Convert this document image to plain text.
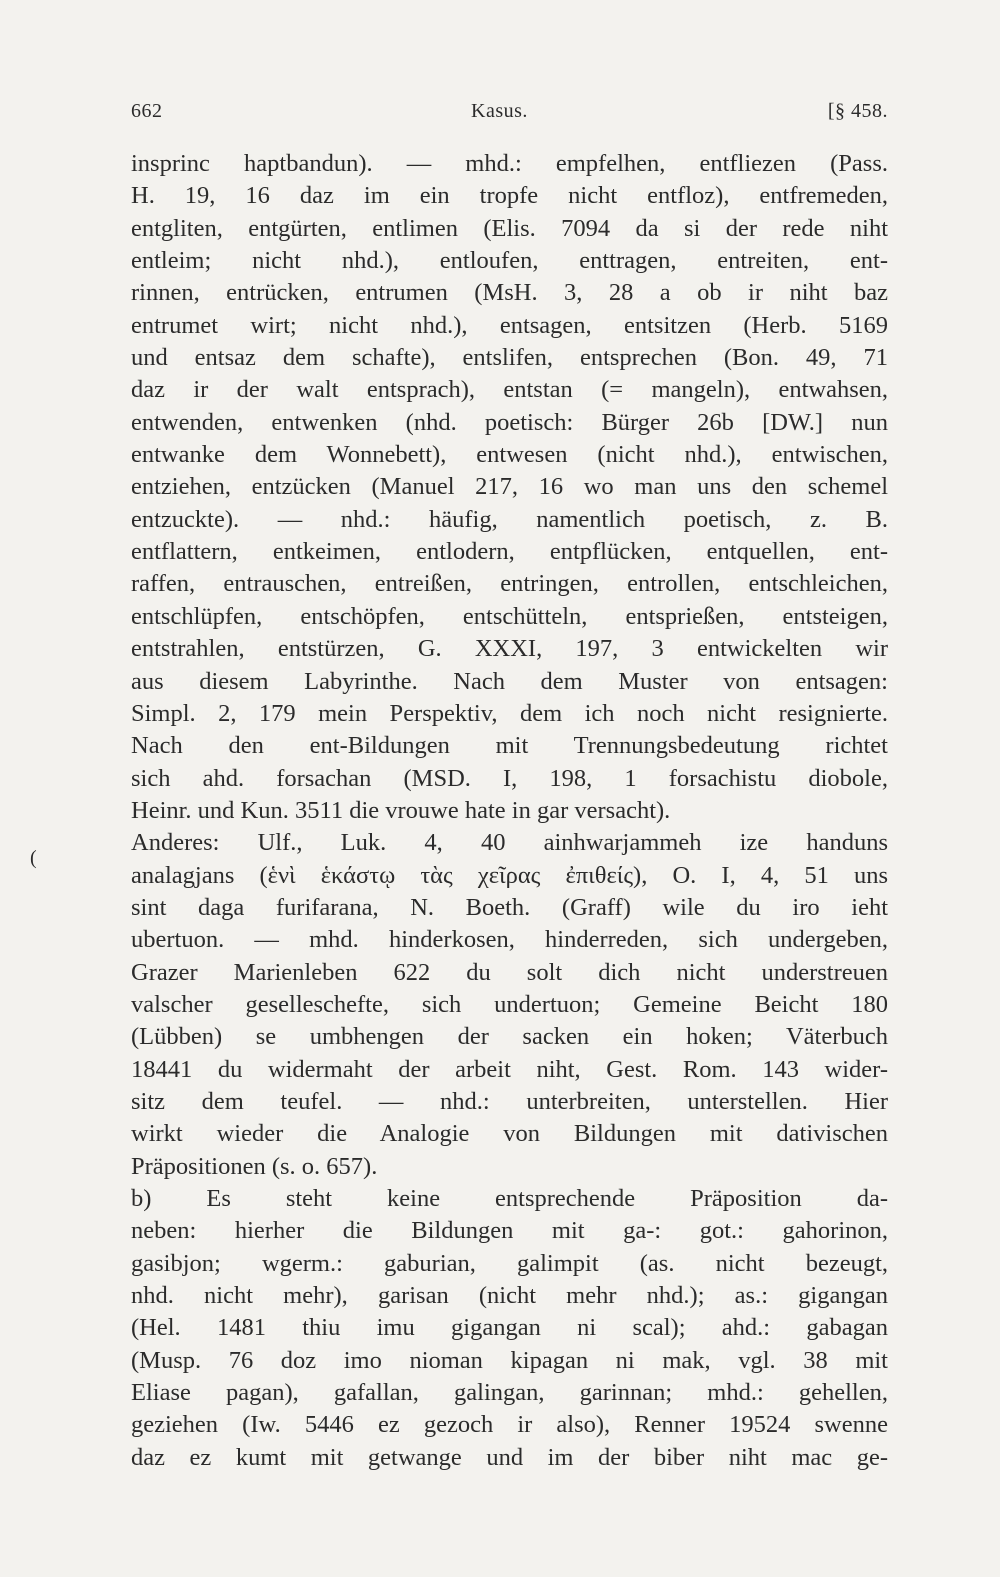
662	Kasus.	[§ 458.
(
insprinc haptbandun). — mhd.: empfelhen, entfliezen (Pass.
H. 19, 16 daz im ein tropfe nicht entfloz), entfremeden,
entgliten, entgürten, entlimen (Elis. 7094 da si der rede niht
entleim; nicht nhd.), entloufen, enttragen, entreiten, ent-
rinnen, entrücken, entrumen (MsH. 3, 28 a ob ir niht baz
entrumet wirt; nicht nhd.), entsagen, entsitzen (Herb. 5169
und entsaz dem schafte), entslifen, entsprechen (Bon. 49, 71
daz ir der walt entsprach), entstan (= mangeln), entwahsen,
entwenden, entwenken (nhd. poetisch: Bürger 26b [DW.] nun
entwanke dem Wonnebett), entwesen (nicht nhd.), entwischen,
entziehen, entzücken (Manuel 217, 16 wo man uns den schemel
entzuckte). — nhd.: häufig, namentlich poetisch, z. B.
entflattern, entkeimen, entlodern, entpflücken, entquellen, ent-
raffen, entrauschen, entreißen, entringen, entrollen, entschleichen,
entschlüpfen, entschöpfen, entschütteln, entsprießen, entsteigen,
entstrahlen, entstürzen, G. XXXI, 197, 3 entwickelten wir
aus diesem Labyrinthe. Nach dem Muster von entsagen:
Simpl. 2, 179 mein Perspektiv, dem ich noch nicht resignierte.
Nach den ent-Bildungen mit Trennungsbedeutung richtet
sich ahd. forsachan (MSD. I, 198, 1 forsachistu diobole,
Heinr. und Kun. 3511 die vrouwe hate in gar versacht).
Anderes: Ulf., Luk. 4, 40 ainhwarjammeh ize handuns
analagjans (ἑνὶ ἑκάστῳ τὰς χεῖρας ἐπιθείς), O. I, 4, 51 uns
sint daga furifarana, N. Boeth. (Graff) wile du iro ieht
ubertuon. — mhd. hinderkosen, hinderreden, sich undergeben,
Grazer Marienleben 622 du solt dich nicht understreuen
valscher geselleschefte, sich undertuon; Gemeine Beicht 180
(Lübben) se umbhengen der sacken ein hoken; Väterbuch
18441 du widermaht der arbeit niht, Gest. Rom. 143 wider-
sitz dem teufel. — nhd.: unterbreiten, unterstellen. Hier
wirkt wieder die Analogie von Bildungen mit dativischen
Präpositionen (s. o. 657).
b) Es steht keine entsprechende Präposition da-
neben: hierher die Bildungen mit ga-: got.: gahorinon,
gasibjon; wgerm.: gaburian, galimpit (as. nicht bezeugt,
nhd. nicht mehr), garisan (nicht mehr nhd.); as.: gigangan
(Hel. 1481 thiu imu gigangan ni scal); ahd.: gabagan
(Musp. 76 doz imo nioman kipagan ni mak, vgl. 38 mit
Eliase pagan), gafallan, galingan, garinnan; mhd.: gehellen,
geziehen (Iw. 5446 ez gezoch ir also), Renner 19524 swenne
daz ez kumt mit getwange und im der biber niht mac ge-
